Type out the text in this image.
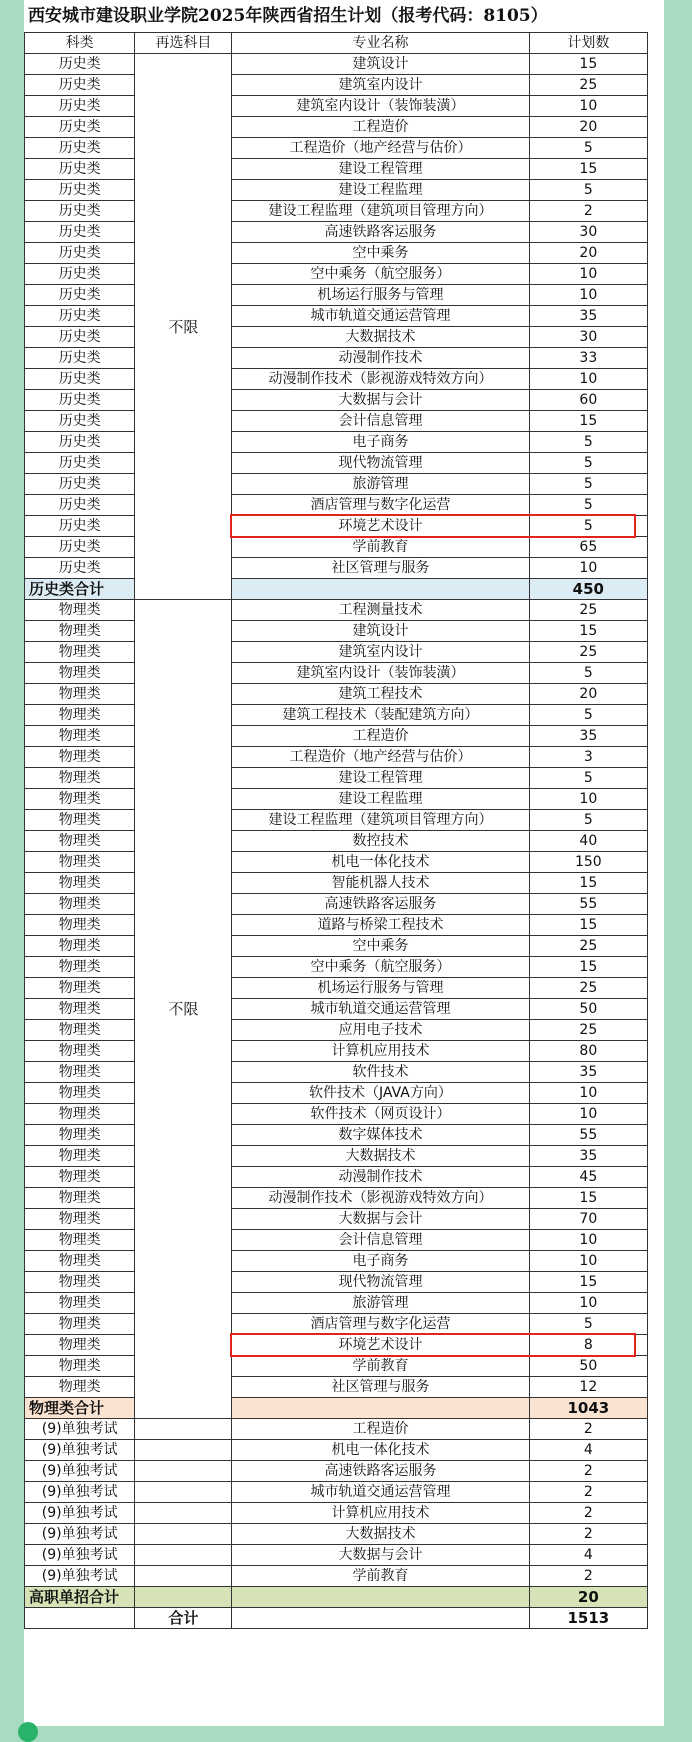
西安城市建设职业学院2025年陕西省招生计划（报考代码：8105）
科类	再选科目	专业名称	计划数
历史类	不限	建筑设计	15
历史类		建筑室内设计	25
历史类		建筑室内设计（装饰装潢）	10
历史类		工程造价	20
历史类		工程造价（地产经营与估价）	5
历史类		建设工程管理	15
历史类		建设工程监理	5
历史类		建设工程监理（建筑项目管理方向）	2
历史类		高速铁路客运服务	30
历史类		空中乘务	20
历史类		空中乘务（航空服务）	10
历史类		机场运行服务与管理	10
历史类		城市轨道交通运营管理	35
历史类		大数据技术	30
历史类		动漫制作技术	33
历史类		动漫制作技术（影视游戏特效方向）	10
历史类		大数据与会计	60
历史类		会计信息管理	15
历史类		电子商务	5
历史类		现代物流管理	5
历史类		旅游管理	5
历史类		酒店管理与数字化运营	5
历史类		环境艺术设计	5
历史类		学前教育	65
历史类		社区管理与服务	10
历史类合计			450
物理类	不限	工程测量技术	25
物理类		建筑设计	15
物理类		建筑室内设计	25
物理类		建筑室内设计（装饰装潢）	5
物理类		建筑工程技术	20
物理类		建筑工程技术（装配建筑方向）	5
物理类		工程造价	35
物理类		工程造价（地产经营与估价）	3
物理类		建设工程管理	5
物理类		建设工程监理	10
物理类		建设工程监理（建筑项目管理方向）	5
物理类		数控技术	40
物理类		机电一体化技术	150
物理类		智能机器人技术	15
物理类		高速铁路客运服务	55
物理类		道路与桥梁工程技术	15
物理类		空中乘务	25
物理类		空中乘务（航空服务）	15
物理类		机场运行服务与管理	25
物理类		城市轨道交通运营管理	50
物理类		应用电子技术	25
物理类		计算机应用技术	80
物理类		软件技术	35
物理类		软件技术（JAVA方向）	10
物理类		软件技术（网页设计）	10
物理类		数字媒体技术	55
物理类		大数据技术	35
物理类		动漫制作技术	45
物理类		动漫制作技术（影视游戏特效方向）	15
物理类		大数据与会计	70
物理类		会计信息管理	10
物理类		电子商务	10
物理类		现代物流管理	15
物理类		旅游管理	10
物理类		酒店管理与数字化运营	5
物理类		环境艺术设计	8
物理类		学前教育	50
物理类		社区管理与服务	12
物理类合计			1043
(9)单独考试		工程造价	2
(9)单独考试		机电一体化技术	4
(9)单独考试		高速铁路客运服务	2
(9)单独考试		城市轨道交通运营管理	2
(9)单独考试		计算机应用技术	2
(9)单独考试		大数据技术	2
(9)单独考试		大数据与会计	4
(9)单独考试		学前教育	2
高职单招合计			20
	合计		1513
